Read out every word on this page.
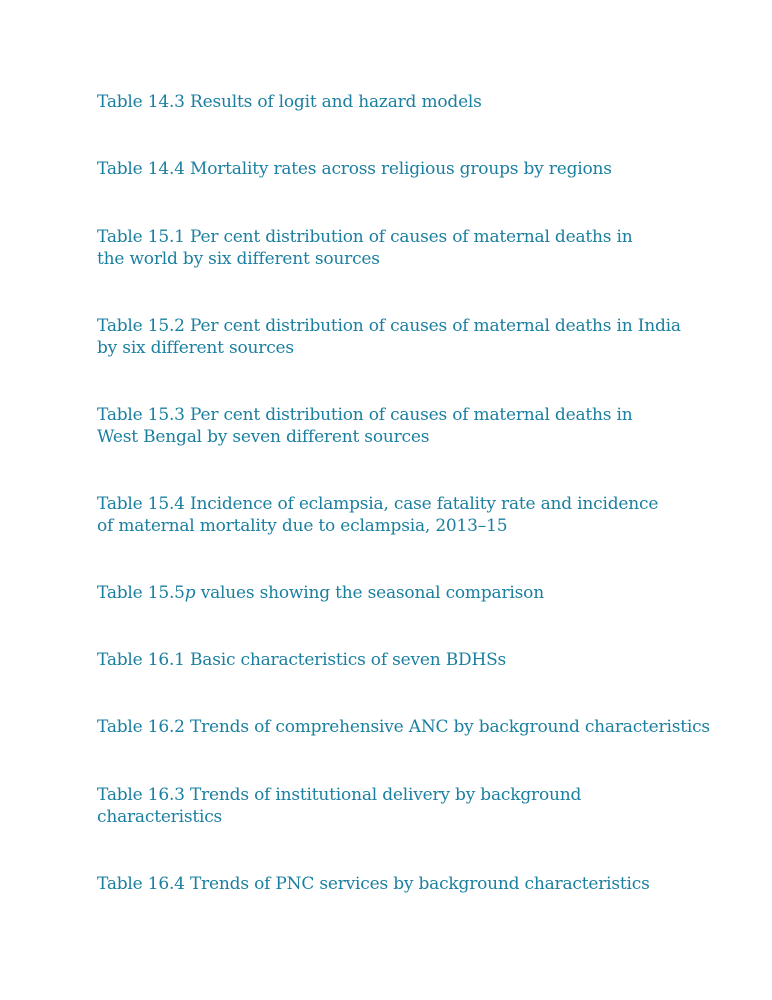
Table 14.3 Results of logit and hazard models
Table 14.4 Mortality rates across religious groups by regions
Table 15.1 Per cent distribution of causes of maternal deaths in the world by six different sources
Table 15.2 Per cent distribution of causes of maternal deaths in India by six different sources
Table 15.3 Per cent distribution of causes of maternal deaths in West Bengal by seven different sources
Table 15.4 Incidence of eclampsia, case fatality rate and incidence of maternal mortality due to eclampsia, 2013–15
Table 15.5p values showing the seasonal comparison
Table 16.1 Basic characteristics of seven BDHSs
Table 16.2 Trends of comprehensive ANC by background characteristics
Table 16.3 Trends of institutional delivery by background characteristics
Table 16.4 Trends of PNC services by background characteristics
